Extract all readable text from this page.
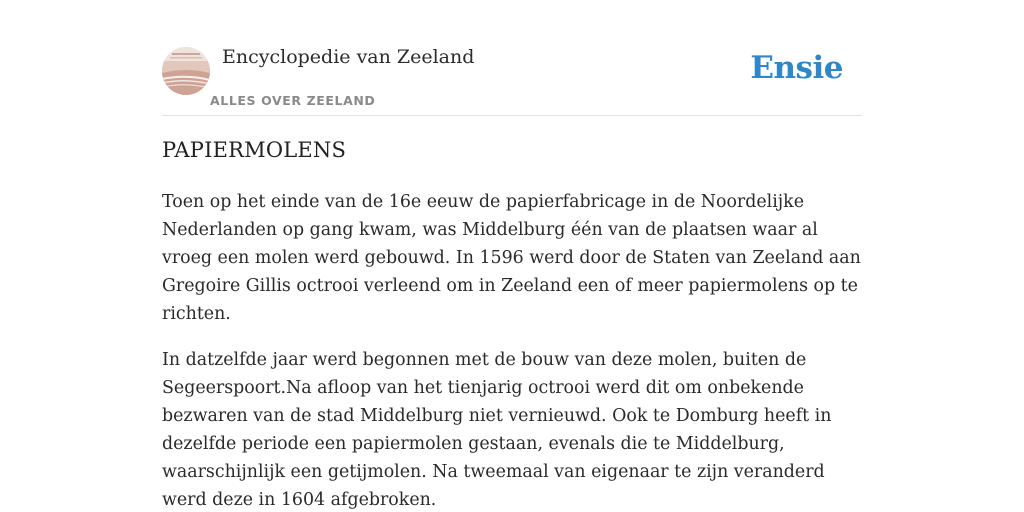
Encyclopedie van Zeeland
ALLES OVER ZEELAND
Ensie
PAPIERMOLENS

Toen op het einde van de 16e eeuw de papierfabricage in de Noordelijke Nederlanden op gang kwam, was Middelburg één van de plaatsen waar al vroeg een molen werd gebouwd. In 1596 werd door de Staten van Zeeland aan Gregoire Gillis octrooi verleend om in Zeeland een of meer papiermolens op te richten.

In datzelfde jaar werd begonnen met de bouw van deze molen, buiten de Segeerspoort.Na afloop van het tienjarig octrooi werd dit om onbekende bezwaren van de stad Middelburg niet vernieuwd. Ook te Domburg heeft in dezelfde periode een papiermolen gestaan, evenals die te Middelburg, waarschijnlijk een getijmolen. Na tweemaal van eigenaar te zijn veranderd werd deze in 1604 afgebroken.
